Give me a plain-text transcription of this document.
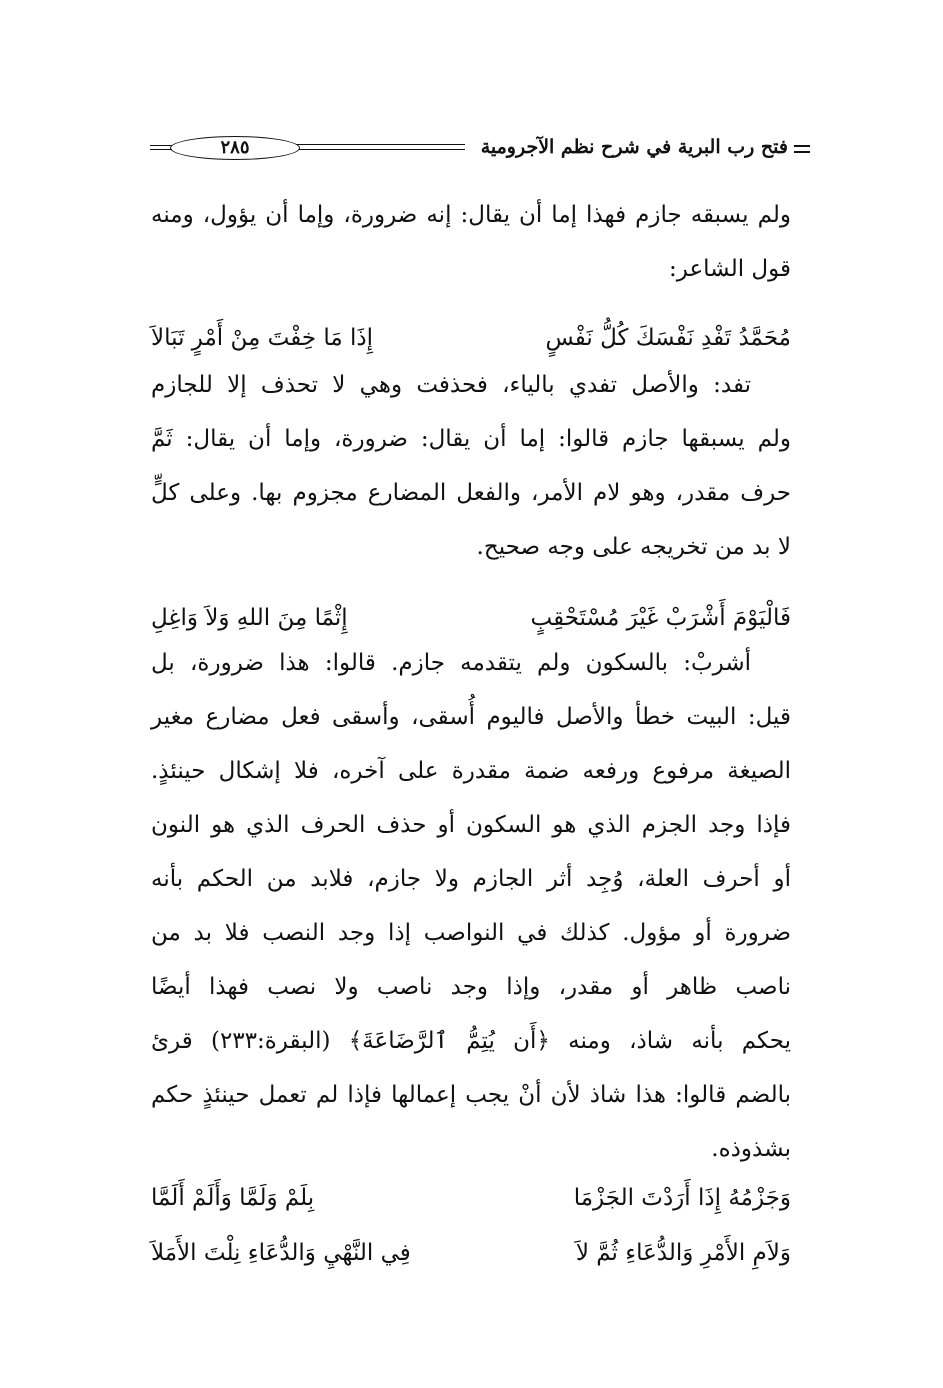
فتح رب البرية في شرح نظم الآجرومية
٢٨٥
ولم يسبقه جازم فهذا إما أن يقال: إنه ضرورة، وإما أن يؤول، ومنه
قول الشاعر:
مُحَمَّدُ تَفْدِ نَفْسَكَ كُلُّ نَفْسٍ
إِذَا مَا خِفْتَ مِنْ أَمْرٍ تَبَالاَ
تفد: والأصل تفدي بالياء، فحذفت وهي لا تحذف إلا للجازم
ولم يسبقها جازم قالوا: إما أن يقال: ضرورة، وإما أن يقال: ثَمَّ
حرف مقدر، وهو لام الأمر، والفعل المضارع مجزوم بها. وعلى كلٍّ
لا بد من تخريجه على وجه صحيح.
فَالْيَوْمَ أَشْرَبْ غَيْرَ مُسْتَحْقِبٍ
إِثْمًا مِنَ اللهِ وَلاَ وَاغِلِ
أشربْ: بالسكون ولم يتقدمه جازم. قالوا: هذا ضرورة، بل
قيل: البيت خطأ والأصل فاليوم أُسقى، وأسقى فعل مضارع مغير
الصيغة مرفوع ورفعه ضمة مقدرة على آخره، فلا إشكال حينئذٍ.
فإذا وجد الجزم الذي هو السكون أو حذف الحرف الذي هو النون
أو أحرف العلة، وُجِد أثر الجازم ولا جازم، فلابد من الحكم بأنه
ضرورة أو مؤول. كذلك في النواصب إذا وجد النصب فلا بد من
ناصب ظاهر أو مقدر، وإذا وجد ناصب ولا نصب فهذا أيضًا
يحكم بأنه شاذ، ومنه ﴿أَن يُتِمُّ ٱلرَّضَاعَةَ﴾ (البقرة:٢٣٣) قرئ
بالضم قالوا: هذا شاذ لأن أنْ يجب إعمالها فإذا لم تعمل حينئذٍ حكم
بشذوذه.
وَجَزْمُهُ إِذَا أَرَدْتَ الجَزْمَا
بِلَمْ وَلَمَّا وَأَلَمْ أَلَمَّا
وَلاَمِ الأَمْرِ وَالدُّعَاءِ ثُمَّ لاَ
فِي النَّهْيِ وَالدُّعَاءِ نِلْتَ الأَمَلاَ
